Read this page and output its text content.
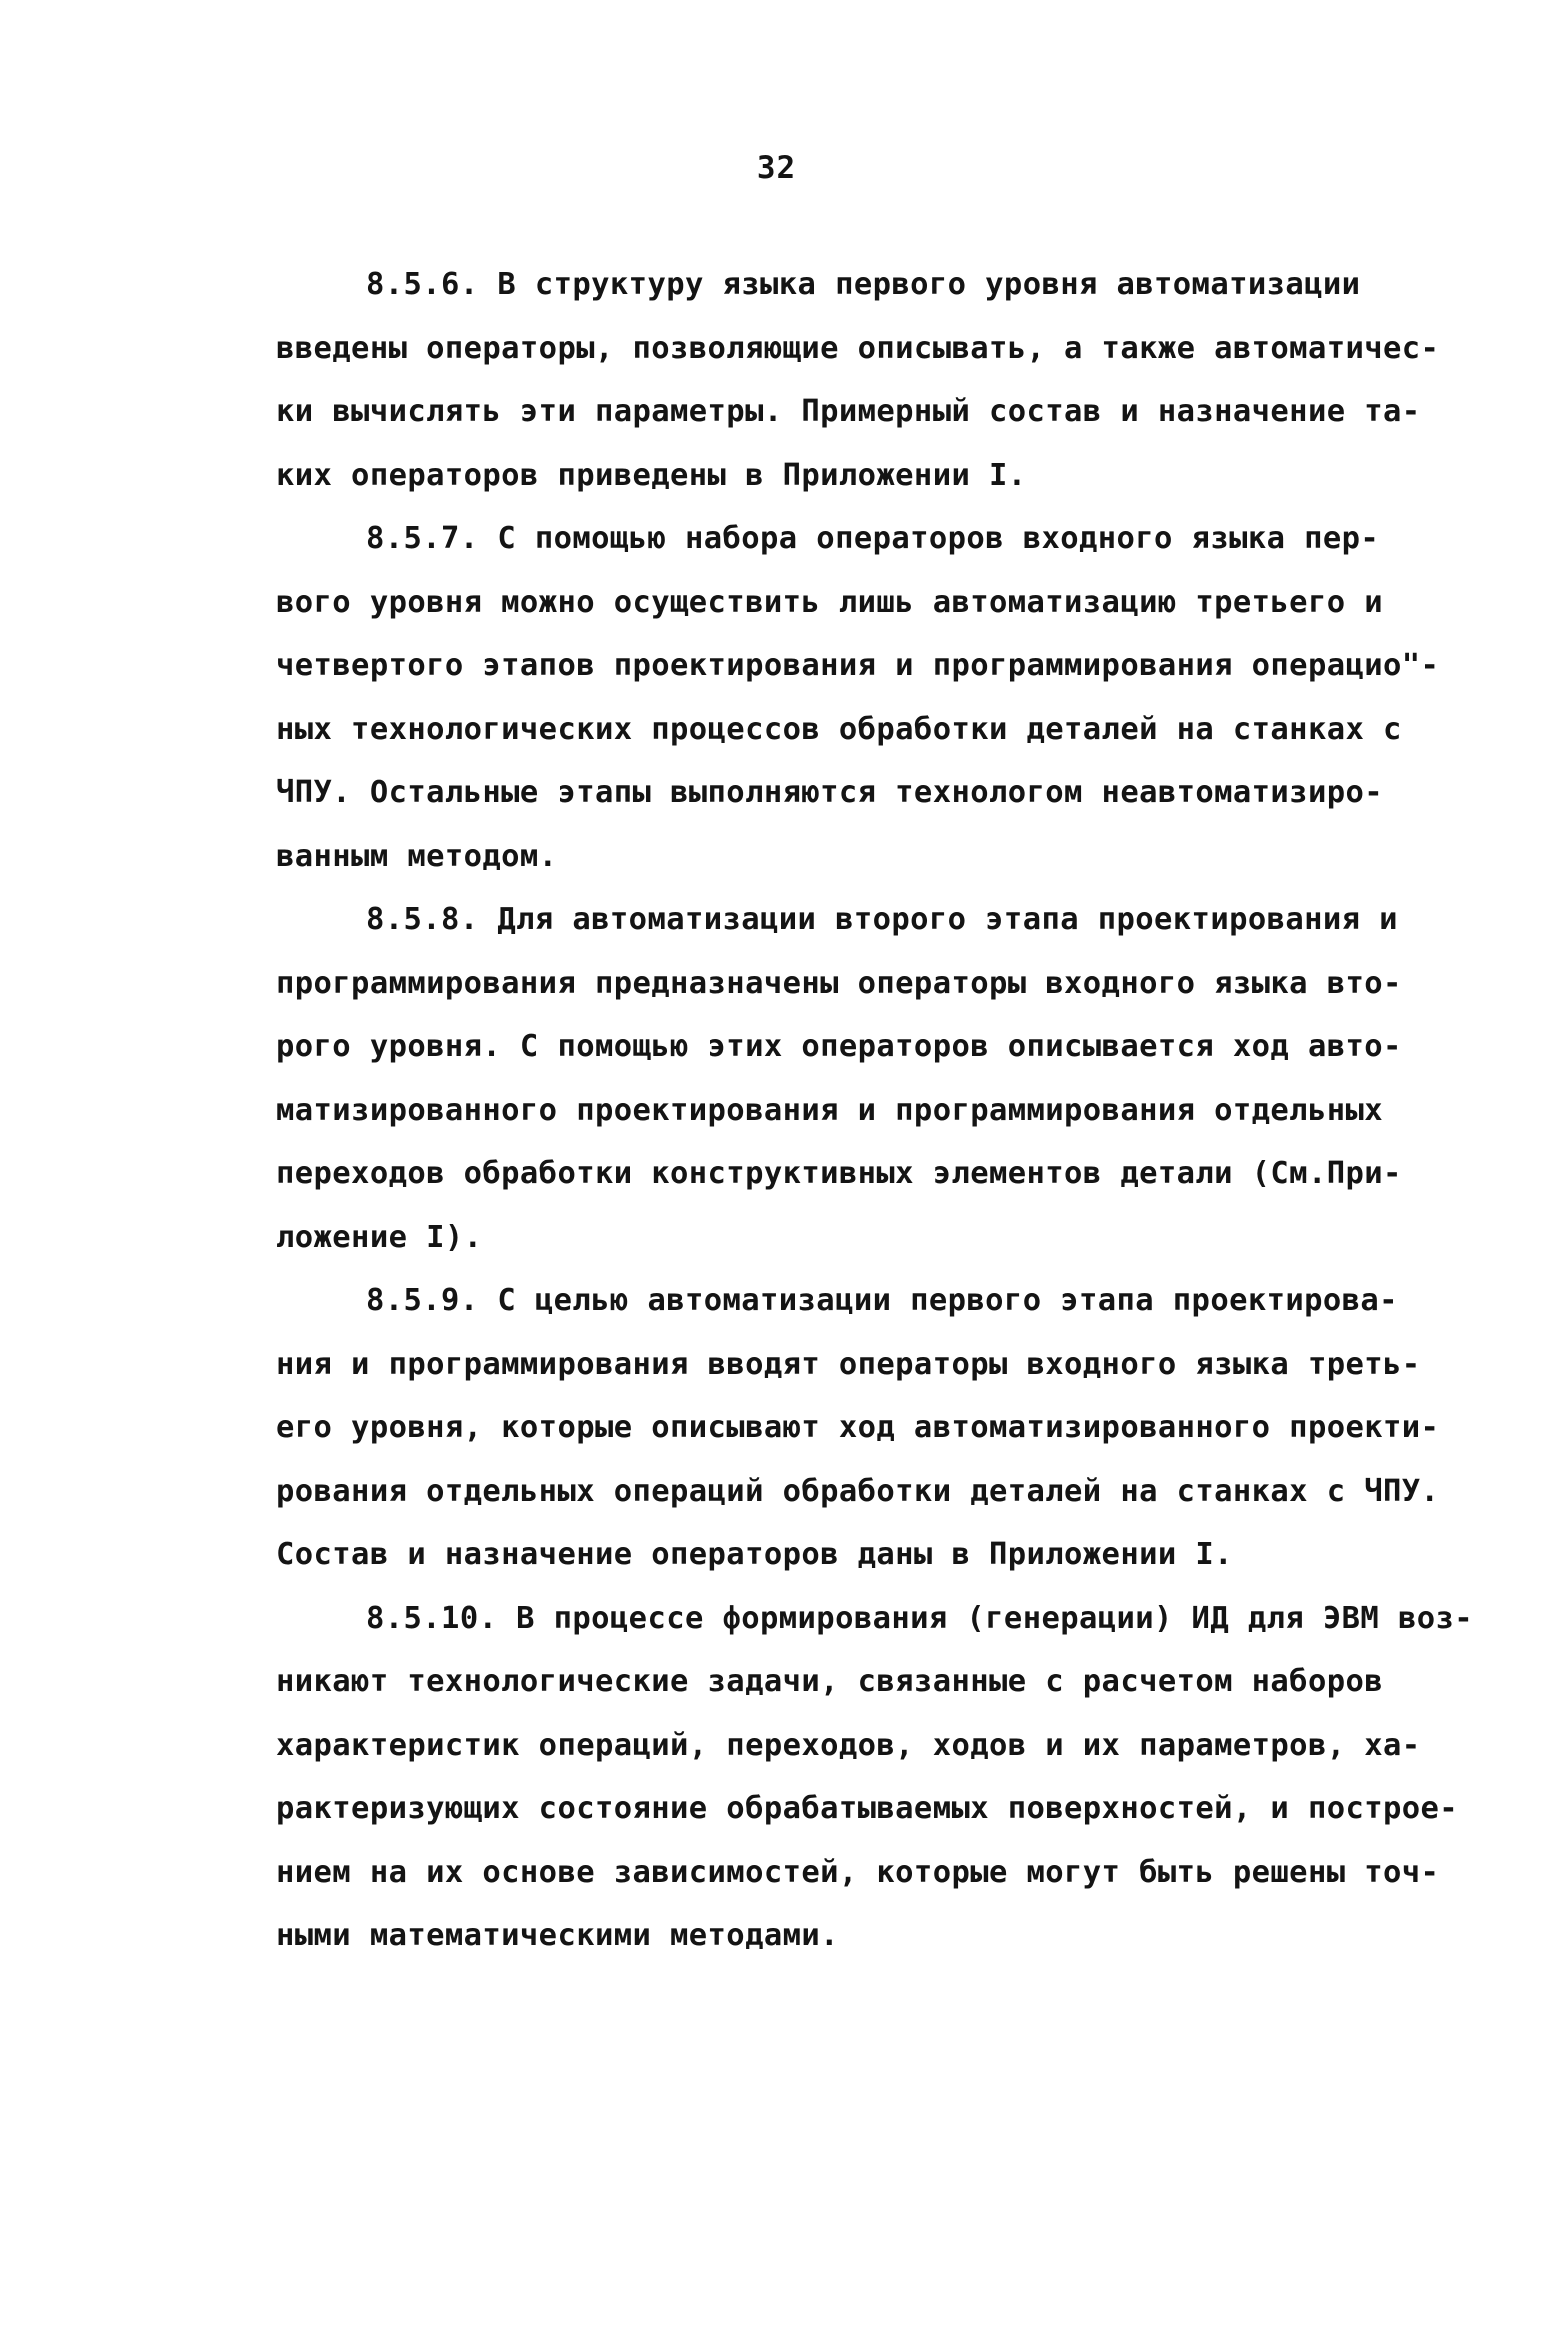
32
8.5.6. В структуру языка первого уровня автоматизации
введены операторы, позволяющие описывать, а также автоматичес-
ки вычислять эти параметры. Примерный состав и назначение та-
ких операторов приведены в Приложении I.
8.5.7. С помощью набора операторов входного языка пер-
вого уровня можно осуществить лишь автоматизацию третьего и
четвертого этапов проектирования и программирования операцио"-
ных технологических процессов обработки деталей на станках с
ЧПУ. Остальные этапы выполняются технологом неавтоматизиро-
ванным методом.
8.5.8. Для автоматизации второго этапа проектирования и
программирования предназначены операторы входного языка вто-
рого уровня. С помощью этих операторов описывается ход авто-
матизированного проектирования и программирования отдельных
переходов обработки конструктивных элементов детали (См.При-
ложение I).
8.5.9. С целью автоматизации первого этапа проектирова-
ния и программирования вводят операторы входного языка треть-
его уровня, которые описывают ход автоматизированного проекти-
рования отдельных операций обработки деталей на станках с ЧПУ.
Состав и назначение операторов даны в Приложении I.
8.5.10. В процессе формирования (генерации) ИД для ЭВМ воз-
никают технологические задачи, связанные с расчетом наборов
характеристик операций, переходов, ходов и их параметров, ха-
рактеризующих состояние обрабатываемых поверхностей, и построе-
нием на их основе зависимостей, которые могут быть решены точ-
ными математическими методами.
